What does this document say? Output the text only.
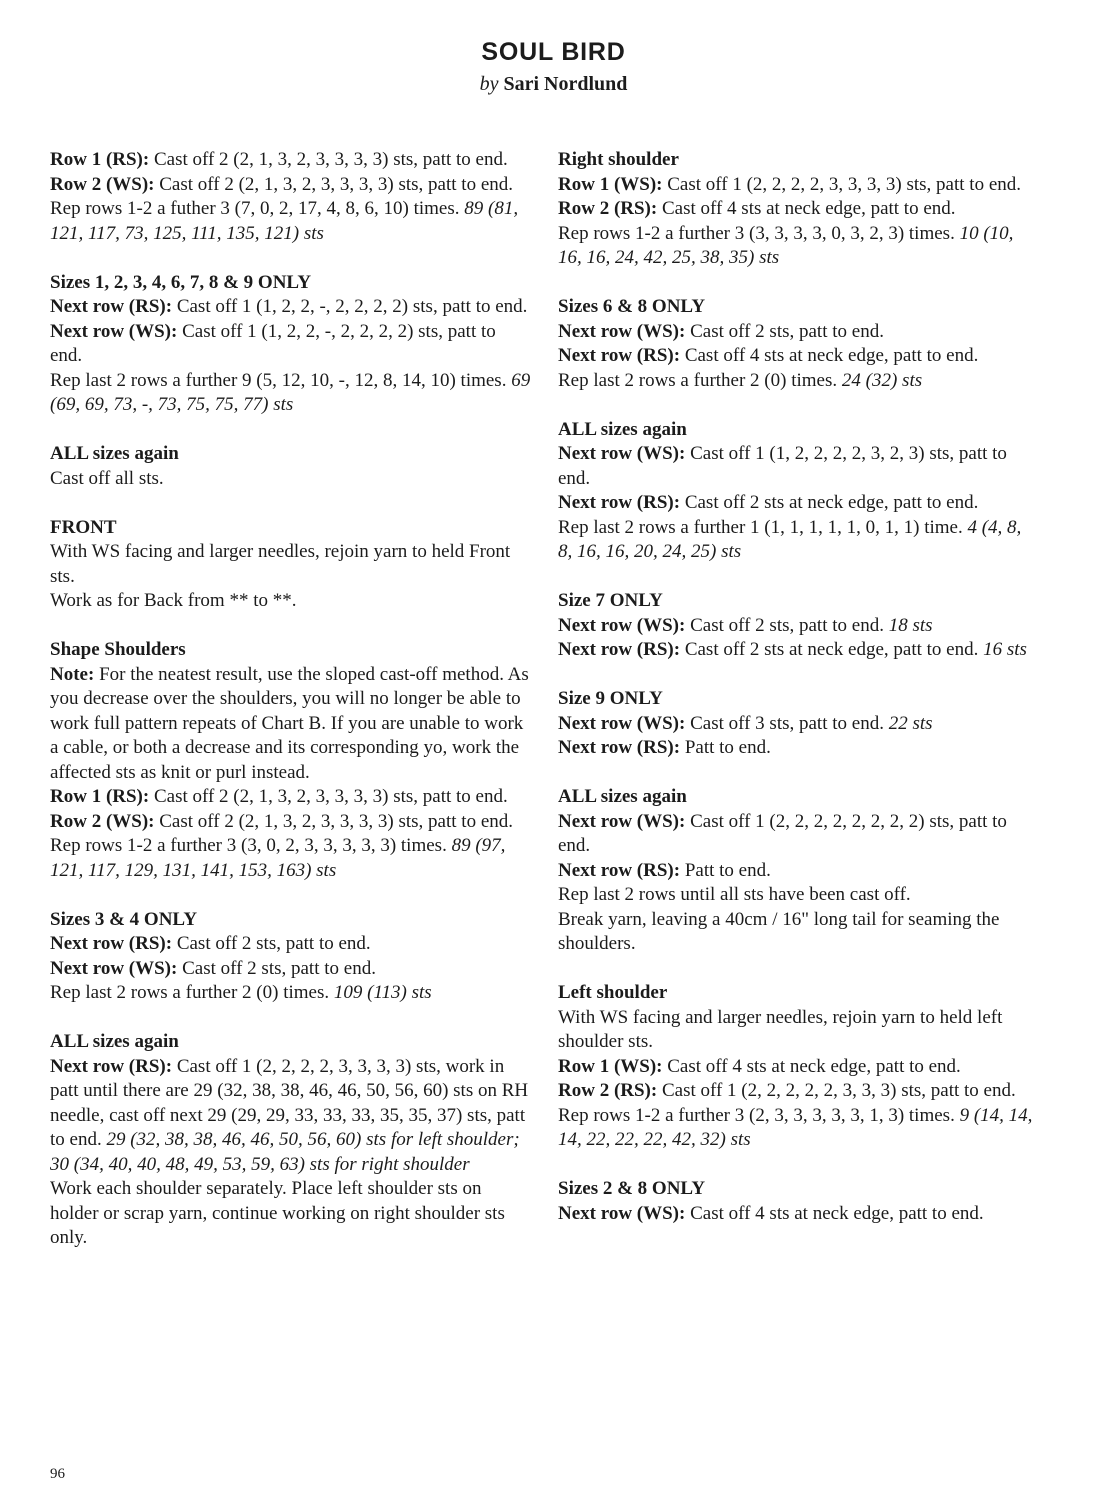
SOUL BIRD
by Sari Nordlund

Row 1 (RS): Cast off 2 (2, 1, 3, 2, 3, 3, 3, 3) sts, patt to end.

Row 2 (WS): Cast off 2 (2, 1, 3, 2, 3, 3, 3, 3) sts, patt to end.

Rep rows 1-2 a futher 3 (7, 0, 2, 17, 4, 8, 6, 10) times. 89 (81, 121, 117, 73, 125, 111, 135, 121) sts

Sizes 1, 2, 3, 4, 6, 7, 8 & 9 ONLY

Next row (RS): Cast off 1 (1, 2, 2, -, 2, 2, 2, 2) sts, patt to end.

Next row (WS): Cast off 1 (1, 2, 2, -, 2, 2, 2, 2) sts, patt to end.

Rep last 2 rows a further 9 (5, 12, 10, -, 12, 8, 14, 10) times. 69 (69, 69, 73, -, 73, 75, 75, 77) sts

ALL sizes again

Cast off all sts.

FRONT

With WS facing and larger needles, rejoin yarn to held Front sts.

Work as for Back from ** to **.

Shape Shoulders

Note: For the neatest result, use the sloped cast-off method. As you decrease over the shoulders, you will no longer be able to work full pattern repeats of Chart B. If you are unable to work a cable, or both a decrease and its corresponding yo, work the affected sts as knit or purl instead.

Row 1 (RS): Cast off 2 (2, 1, 3, 2, 3, 3, 3, 3) sts, patt to end.

Row 2 (WS): Cast off 2 (2, 1, 3, 2, 3, 3, 3, 3) sts, patt to end.

Rep rows 1-2 a further 3 (3, 0, 2, 3, 3, 3, 3, 3) times. 89 (97, 121, 117, 129, 131, 141, 153, 163) sts

Sizes 3 & 4 ONLY

Next row (RS): Cast off 2 sts, patt to end.

Next row (WS): Cast off 2 sts, patt to end.

Rep last 2 rows a further 2 (0) times. 109 (113) sts

ALL sizes again

Next row (RS): Cast off 1 (2, 2, 2, 2, 3, 3, 3, 3) sts, work in patt until there are 29 (32, 38, 38, 46, 46, 50, 56, 60) sts on RH needle, cast off next 29 (29, 29, 33, 33, 33, 35, 35, 37) sts, patt to end. 29 (32, 38, 38, 46, 46, 50, 56, 60) sts for left shoulder; 30 (34, 40, 40, 48, 49, 53, 59, 63) sts for right shoulder

Work each shoulder separately. Place left shoulder sts on holder or scrap yarn, continue working on right shoulder sts only.

Right shoulder

Row 1 (WS): Cast off 1 (2, 2, 2, 2, 3, 3, 3, 3) sts, patt to end.

Row 2 (RS): Cast off 4 sts at neck edge, patt to end.

Rep rows 1-2 a further 3 (3, 3, 3, 3, 0, 3, 2, 3) times. 10 (10, 16, 16, 24, 42, 25, 38, 35) sts

Sizes 6 & 8 ONLY

Next row (WS): Cast off 2 sts, patt to end.

Next row (RS): Cast off 4 sts at neck edge, patt to end.

Rep last 2 rows a further 2 (0) times. 24 (32) sts

ALL sizes again

Next row (WS): Cast off 1 (1, 2, 2, 2, 2, 3, 2, 3) sts, patt to end.

Next row (RS): Cast off 2 sts at neck edge, patt to end.

Rep last 2 rows a further 1 (1, 1, 1, 1, 1, 0, 1, 1) time. 4 (4, 8, 8, 16, 16, 20, 24, 25) sts

Size 7 ONLY

Next row (WS): Cast off 2 sts, patt to end. 18 sts

Next row (RS): Cast off 2 sts at neck edge, patt to end. 16 sts

Size 9 ONLY

Next row (WS): Cast off 3 sts, patt to end. 22 sts

Next row (RS): Patt to end.

ALL sizes again

Next row (WS): Cast off 1 (2, 2, 2, 2, 2, 2, 2, 2) sts, patt to end.

Next row (RS): Patt to end.

Rep last 2 rows until all sts have been cast off.

Break yarn, leaving a 40cm / 16" long tail for seaming the shoulders.

Left shoulder

With WS facing and larger needles, rejoin yarn to held left shoulder sts.

Row 1 (WS): Cast off 4 sts at neck edge, patt to end.

Row 2 (RS): Cast off 1 (2, 2, 2, 2, 2, 3, 3, 3) sts, patt to end.

Rep rows 1-2 a further 3 (2, 3, 3, 3, 3, 3, 1, 3) times. 9 (14, 14, 14, 22, 22, 22, 42, 32) sts

Sizes 2 & 8 ONLY

Next row (WS): Cast off 4 sts at neck edge, patt to end.

96
